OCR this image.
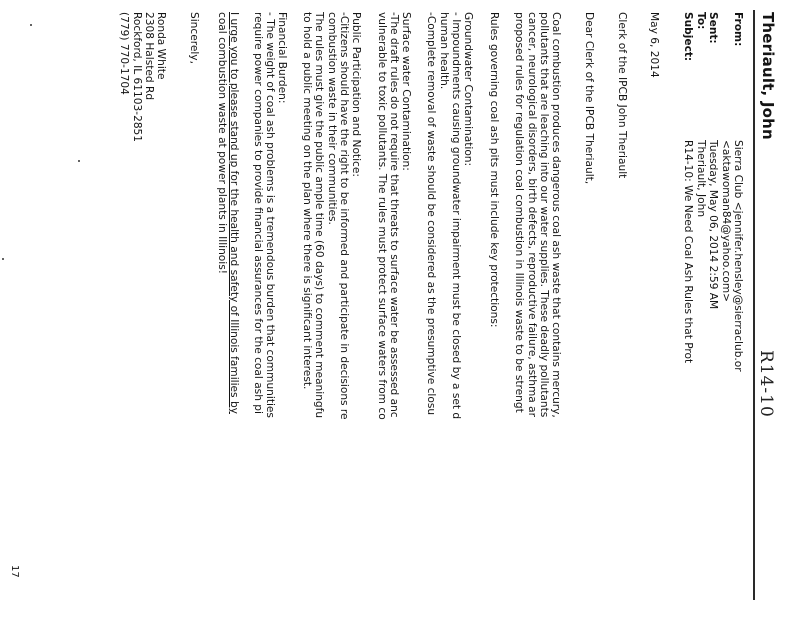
Theriault, John
R14-10
From:
Sierra Club <jennifer.hensley@sierraclub.or
<aktawoman84@yahoo.com>
Sent:
Tuesday, May 06, 2014 2:59 AM
To:
Theriault, John
Subject:
R14-10: We Need Coal Ash Rules that Prot
May 6, 2014
Clerk of the IPCB John Theriault
Dear Clerk of the IPCB Theriault,
Coal combustion produces dangerous coal ash waste that contains mercury,
pollutants that are leaching into our water supplies. These deadly pollutants
cancer, neurological disorders, birth defects, reproductive failure, asthma ar
proposed rules for regulation coal combustion in Illinois waste to be strengt
Rules governing coal ash pits must include key protections:
Groundwater Contamination:
- Impoundments causing groundwater impairment must be closed by a set d
human health.
-Complete removal of waste should be considered as the presumptive closu
Surface water Contamination:
-The draft rules do not require that threats to surface water be assessed anc
vulnerable to toxic pollutants. The rules must protect surface waters from co
Public Participation and Notice:
-Citizens should have the right to be informed and participate in decisions re
combustion waste in their communities.
The rules must give the public ample time (60 days) to comment meaningfu
to hold a public meeting on the plan where there is significant interest.
Financial Burden:
- The weight of coal ash problems is a tremendous burden that communities
require power companies to provide financial assurances for the coal ash pi
I urge you to please stand up for the health and safety of Illinois families by
coal combustion waste at power plants in Illinois!
Sincerely,
Ronda White
2308 Halsted Rd
Rockford, IL 61103-2851
(779) 770-1704
17
